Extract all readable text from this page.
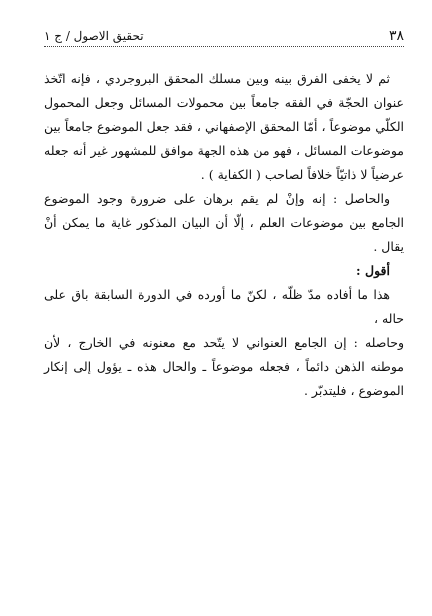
٣٨
تحقيق الاصول / ج ١

ثم لا يخفى الفرق بينه وبين مسلك المحقق البروجردي ، فإنه اتّخذ عنوان الحجّة في الفقه جامعاً بين محمولات المسائل وجعل المحمول الكلّي موضوعاً ، أمّا المحقق الإصفهاني ، فقد جعل الموضوع جامعاً بين موضوعات المسائل ، فهو من هذه الجهة موافق للمشهور غير أنه جعله عرضياً لا ذاتيّاً خلافاً لصاحب ( الكفاية ) .

والحاصل : إنه وإنْ لم يقم برهان على ضرورة وجود الموضوع الجامع بين موضوعات العلم ، إلّا أن البيان المذكور غاية ما يمكن أنْ يقال .

أقول :

هذا ما أفاده مدّ ظلّه ، لكنّ ما أورده في الدورة السابقة باق على حاله ،

وحاصله : إن الجامع العنواني لا يتّحد مع معنونه في الخارج ، لأن موطنه الذهن دائماً ، فجعله موضوعاً ـ والحال هذه ـ يؤول إلى إنكار الموضوع ، فليتدبّر .
